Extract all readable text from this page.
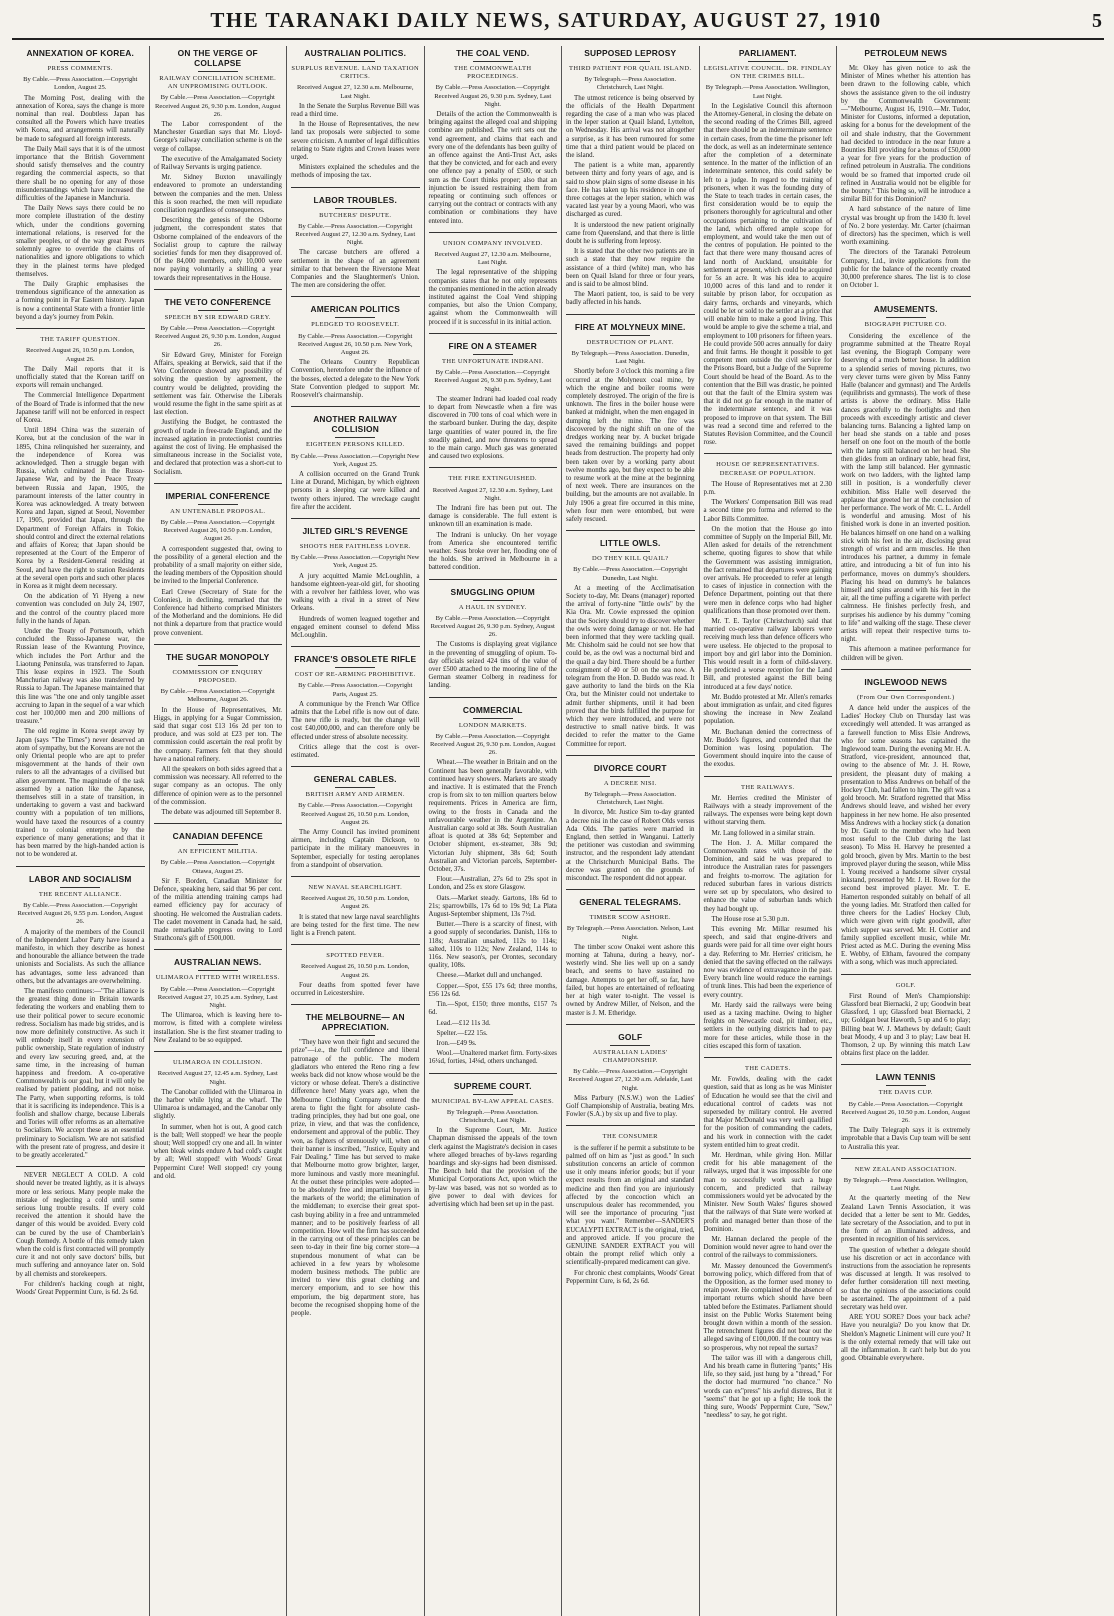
THE TARANAKI DAILY NEWS, SATURDAY, AUGUST 27, 1910	5
ANNEXATION OF KOREA.
PRESS COMMENTS.
By Cable.—Press Association.—Copyright London, August 25.
The Morning Post, dealing with the annexation of Korea, says the change is more nominal than real. Doubtless Japan has consulted all the Powers which have treaties with Korea, and arrangements will naturally be made to safeguard all foreign interests.
The Daily Mail says that it is of the utmost importance that the British Government should satisfy themselves and the country regarding the commercial aspects, so that there shall be no opening for any of those misunderstandings which have increased the difficulties of the Japanese in Manchuria.
The Daily News says there could be no more complete illustration of the destiny which, under the conditions governing international relations, is reserved for the smaller peoples, or of the way great Powers solemnly agree to override the claims of nationalities and ignore obligations to which they in the plainest terms have pledged themselves.
The Daily Graphic emphasises the tremendous significance of the annexation as a forming point in Far Eastern history. Japan is now a continental State with a frontier little beyond a day's journey from Pekin.
THE TARIFF QUESTION.
Received August 26, 10.50 p.m. London, August 26.
The Daily Mail reports that it is unofficially stated that the Korean tariff on exports will remain unchanged.
The Commercial Intelligence Department of the Board of Trade is informed that the new Japanese tariff will not be enforced in respect of Korea.
Until 1894 China was the suzerain of Korea, but at the conclusion of the war in 1895, China relinquished her suzerainty, and the independence of Korea was acknowledged. Then a struggle began with Russia, which culminated in the Russo-Japanese War, and by the Peace Treaty between Russia and Japan, 1905, the paramount interests of the latter country in Korea was acknowledged. A treaty between Korea and Japan, signed at Seoul, November 17, 1905, provided that Japan, through the Department of Foreign Affairs in Tokio, should control and direct the external relations and affairs of Korea; that Japan should be represented at the Court of the Emperor of Korea by a Resident-General residing at Seoul, and have the right to station Residents at the several open ports and such other places in Korea as it might deem necessary.
On the abdication of Yi Hyeng a new convention was concluded on July 24, 1907, and the control of the country placed more fully in the hands of Japan.
Under the Treaty of Portsmouth, which concluded the Russo-Japanese war, the Russian lease of the Kwantung Province, which includes the Port Arthur and the Liaotung Peninsula, was transferred to Japan. This lease expires in 1923. The South Manchurian railway was also transferred by Russia to Japan. The Japanese maintained that this line was "the one and only tangible asset accruing to Japan in the sequel of a war which cost her 100,000 men and 200 millions of treasure."
The old regime in Korea swept away by Japan (says "The Times") never deserved an atom of sympathy, but the Koreans are not the only Oriental people who are apt to prefer misgovernment at the hands of their own rulers to all the advantages of a civilised but alien government. The magnitude of the task assumed by a nation like the Japanese, themselves still in a state of transition, in undertaking to govern a vast and backward country with a population of ten millions, would have taxed the resources of a country trained to colonial enterprise by the experience of many generations; and that it has been marred by the high-handed action is not to be wondered at.
LABOR AND SOCIALISM
THE RECENT ALLIANCE.
By Cable.—Press Association.—Copyright Received August 26, 9.55 p.m. London, August 26.
A majority of the members of the Council of the Independent Labor Party have issued a manifesto, in which they describe as honest and honourable the alliance between the trade unionists and Socialists. As such the alliance has advantages, some less advanced than others, but the advantages are overwhelming.
The manifesto continues:—"The alliance is the greatest thing done in Britain towards federating the workers and enabling them to use their political power to secure economic redress. Socialism has made big strides, and is now more definitely constructive. As such it will embody itself in every extension of public ownership, State regulation of industry and every law securing greed, and, at the same time, in the increasing of human happiness and freedom. A co-operative Commonwealth is our goal, but it will only be realised by patient plodding, and not noise. The Party, when supporting reforms, is told that it is sacrificing its independence. This is a foolish and shallow charge, because Liberals and Tories will offer reforms as an alternative to Socialism. We accept these as an essential preliminary to Socialism. We are not satisfied with the present rate of progress, and desire it to be greatly accelerated."
NEVER NEGLECT A COLD. A cold should never be treated lightly, as it is always more or less serious. Many people make the mistake of neglecting a cold until some serious lung trouble results. If every cold received the attention it should have the danger of this would be avoided. Every cold can be cured by the use of Chamberlain's Cough Remedy. A bottle of this remedy taken when the cold is first contracted will promptly cure it and not only save doctors' bills, but much suffering and annoyance later on. Sold by all chemists and storekeepers.
For children's hacking cough at night, Woods' Great Peppermint Cure, is 6d. 2s 6d.
ON THE VERGE OF COLLAPSE
RAILWAY CONCILIATION SCHEME. AN UNPROMISING OUTLOOK.
By Cable.—Press Association.—Copyright Received August 26, 9.30 p.m. London, August 26.
The Labor correspondent of the Manchester Guardian says that Mr. Lloyd-George's railway conciliation scheme is on the verge of collapse.
The executive of the Amalgamated Society of Railway Servants is urging patience.
Mr. Sidney Buxton unavailingly endeavored to promote an understanding between the companies and the men. Unless this is soon reached, the men will repudiate conciliation regardless of consequences.
Describing the genesis of the Osborne judgment, the correspondent states that Osborne complained of the endeavors of the Socialist group to capture the railway societies' funds for men they disapproved of. Of the 84,000 members, only 10,000 were now paying voluntarily a shilling a year towards their representatives in the House.
THE VETO CONFERENCE
SPEECH BY SIR EDWARD GREY.
By Cable.—Press Association.—Copyright Received August 26, 9.30 p.m. London, August 26.
Sir Edward Grey, Minister for Foreign Affairs, speaking at Berwick, said that if the Veto Conference showed any possibility of solving the question by agreement, the country would be delighted, providing the settlement was fair. Otherwise the Liberals would resume the fight in the same spirit as at last election.
Justifying the Budget, he contrasted the growth of trade in free-trade England, and the increased agitation in protectionist countries against the cost of living. He emphasised the simultaneous increase in the Socialist vote, and declared that protection was a short-cut to Socialism.
IMPERIAL CONFERENCE
AN UNTENABLE PROPOSAL.
By Cable.—Press Association.—Copyright Received August 26, 10.50 p.m. London, August 26.
A correspondent suggested that, owing to the possibility of a general election and the probability of a small majority on either side, the leading members of the Opposition should be invited to the Imperial Conference.
Earl Crewe (Secretary of State for the Colonies), in declining, remarked that the Conference had hitherto comprised Ministers of the Motherland and the dominions. He did not think a departure from that practice would prove convenient.
THE SUGAR MONOPOLY
COMMISSION OF ENQUIRY PROPOSED.
By Cable.—Press Association.—Copyright Melbourne, August 26.
In the House of Representatives, Mr. Higgs, in applying for a Sugar Commission, said that sugar cost £13 16s 2d per ton to produce, and was sold at £23 per ton. The commission could ascertain the real profit by the company. Farmers felt that they should have a national refinery.
All the speakers on both sides agreed that a commission was necessary. All referred to the sugar company as an octopus. The only difference of opinion were as to the personnel of the commission.
The debate was adjourned till September 8.
CANADIAN DEFENCE
AN EFFICIENT MILITIA.
By Cable.—Press Association.—Copyright Ottawa, August 25.
Sir F. Borden, Canadian Minister for Defence, speaking here, said that 96 per cent. of the militia attending training camps had earned efficiency pay for accuracy of shooting. He welcomed the Australian cadets. The cadet movement in Canada had, he said, made remarkable progress owing to Lord Strathcona's gift of £500,000.
AUSTRALIAN NEWS.
ULIMAROA FITTED WITH WIRELESS.
By Cable.—Press Association.—Copyright Received August 27, 10.25 a.m. Sydney, Last Night.
The Ulimaroa, which is leaving here to-morrow, is fitted with a complete wireless installation. She is the first steamer trading to New Zealand to be so equipped.
ULIMAROA IN COLLISION.
Received August 27, 12.45 a.m. Sydney, Last Night.
The Canobar collided with the Ulimaroa in the harbor while lying at the wharf. The Ulimaroa is undamaged, and the Canobar only slightly.
In summer, when hot is out, A good catch is the ball; Well stopped! we hear the people shout; Well stopped! cry one and all. In winter when bleak winds endure A bad cold's caught by all; Well stopped! with Woods' Great Peppermint Cure! Well stopped! cry young and old.
AUSTRALIAN POLITICS.
SURPLUS REVENUE. LAND TAXATION CRITICS.
Received August 27, 12.30 a.m. Melbourne, Last Night.
In the Senate the Surplus Revenue Bill was read a third time.
In the House of Representatives, the new land tax proposals were subjected to some severe criticism. A number of legal difficulties relating to State rights and Crown leases were urged.
Ministers explained the schedules and the methods of imposing the tax.
LABOR TROUBLES.
BUTCHERS' DISPUTE.
By Cable.—Press Association.—Copyright Received August 27, 12.30 a.m. Sydney, Last Night.
The carcase butchers are offered a settlement in the shape of an agreement similar to that between the Riverstone Meat Companies and the Slaughtermen's Union. The men are considering the offer.
AMERICAN POLITICS
PLEDGED TO ROOSEVELT.
By Cable.—Press Association.—Copyright Received August 26, 10.50 p.m. New York, August 26.
The Orleans Country Republican Convention, heretofore under the influence of the bosses, elected a delegate to the New York State Convention pledged to support Mr. Roosevelt's chairmanship.
ANOTHER RAILWAY COLLISION
EIGHTEEN PERSONS KILLED.
By Cable.—Press Association.—Copyright New York, August 25.
A collision occurred on the Grand Trunk Line at Durand, Michigan, by which eighteen persons in a sleeping car were killed and twenty others injured. The wreckage caught fire after the accident.
JILTED GIRL'S REVENGE
SHOOTS HER FAITHLESS LOVER.
By Cable.—Press Association.—Copyright New York, August 25.
A jury acquitted Mamie McLoughlin, a handsome eighteen-year-old girl, for shooting with a revolver her faithless lover, who was walking with a rival in a street of New Orleans.
Hundreds of women leagued together and engaged eminent counsel to defend Miss McLoughlin.
FRANCE'S OBSOLETE RIFLE
COST OF RE-ARMING PROHIBITIVE.
By Cable.—Press Association.—Copyright Paris, August 25.
A communique by the French War Office admits that the Lebel rifle is now out of date. The new rifle is ready, but the change will cost £40,000,000, and can therefore only be effected under stress of absolute necessity.
Critics allege that the cost is over-estimated.
GENERAL CABLES.
BRITISH ARMY AND AIRMEN.
By Cable.—Press Association.—Copyright Received August 26, 10.50 p.m. London, August 26.
The Army Council has invited prominent airmen, including Captain Dickson, to participate in the military manoeuvres in September, especially for testing aeroplanes from a standpoint of observation.
NEW NAVAL SEARCHLIGHT.
Received August 26, 10.50 p.m. London, August 26.
It is stated that new large naval searchlights are being tested for the first time. The new light is a French patent.
SPOTTED FEVER.
Received August 26, 10.50 p.m. London, August 26.
Four deaths from spotted fever have occurred in Leicestershire.
THE MELBOURNE— AN APPRECIATION.
"They have won their fight and secured the prize"—i.e., the full confidence and liberal patronage of the public. The modern gladiators who entered the Reno ring a few weeks back did not know whose would be the victory or whose defeat. There's a distinctive difference here! Many years ago, when the Melbourne Clothing Company entered the arena to fight the fight for absolute cash-trading principles, they had but one goal, one prize, in view, and that was the confidence, endorsement and approval of the public. They won, as fighters of strenuously will, when on their banner is inscribed, "Justice, Equity and Fair Dealing." Time has but served to make that Melbourne motto grow brighter, larger, more luminous and vastly more meaningful. At the outset these principles were adopted—to be absolutely free and impartial buyers in the markets of the world; the elimination of the middleman; to exercise their great spot-cash buying ability in a free and untrammeled manner; and to be positively fearless of all competition. How well the firm has succeeded in the carrying out of these principles can be seen to-day in their fine big corner store—a stupendous monument of what can be achieved in a few years by wholesome modern business methods. The public are invited to view this great clothing and mercery emporium, and to see how this emporium, the big department store, has become the recognised shopping home of the people.
THE COAL VEND.
THE COMMONWEALTH PROCEEDINGS.
By Cable.—Press Association.—Copyright Received August 26, 9.30 p.m. Sydney, Last Night.
Details of the action the Commonwealth is bringing against the alleged coal and shipping combine are published. The writ sets out the vend agreement, and claims that each and every one of the defendants has been guilty of an offence against the Anti-Trust Act, asks that they be convicted, and for each and every one offence pay a penalty of £500, or such sum as the Court thinks proper; also that an injunction be issued restraining them from repeating or continuing such offences or carrying out the contract or contracts with any combination or combinations they have entered into.
UNION COMPANY INVOLVED.
Received August 27, 12.30 a.m. Melbourne, Last Night.
The legal representative of the shipping companies states that he not only represents the companies mentioned in the action already instituted against the Coal Vend shipping companies, but also the Union Company, against whom the Commonwealth will proceed if it is successful in its initial action.
FIRE ON A STEAMER
THE UNFORTUNATE INDRANI.
By Cable.—Press Association.—Copyright Received August 26, 9.30 p.m. Sydney, Last Night.
The steamer Indrani had loaded coal ready to depart from Newcastle when a fire was discovered in 700 tons of coal which were in the starboard bunker. During the day, despite large quantities of water poured in, the fire steadily gained, and now threatens to spread to the main cargo. Much gas was generated and caused two explosions.
THE FIRE EXTINGUISHED.
Received August 27, 12.30 a.m. Sydney, Last Night.
The Indrani fire has been put out. The damage is considerable. The full extent is unknown till an examination is made.
The Indrani is unlucky. On her voyage from America she encountered terrific weather. Seas broke over her, flooding one of the holds. She arrived in Melbourne in a battered condition.
SMUGGLING OPIUM
A HAUL IN SYDNEY.
By Cable.—Press Association.—Copyright Received August 26, 9.30 p.m. Sydney, August 26.
The Customs is displaying great vigilance in the preventing of smuggling of opium. To-day officials seized 424 tins of the value of over £500 attached to the mooring line of the German steamer Colberg in readiness for landing.
COMMERCIAL
LONDON MARKETS.
By Cable.—Press Association.—Copyright Received August 26, 9.30 p.m. London, August 26.
Wheat.—The weather in Britain and on the Continent has been generally favorable, with continued heavy showers. Markets are steady and inactive. It is estimated that the French crop is from six to ten million quarters below requirements. Prices in America are firm, owing to the frosts in Canada and the unfavourable weather in the Argentine. An Australian cargo sold at 38s. South Australian afloat is quoted at 38s 6d; September and October shipment, ex-steamer, 38s 9d; Victorian July shipment, 38s 6d; South Australian and Victorian parcels, September-October, 37s.
Flour.—Australian, 27s 6d to 29s spot in London, and 25s ex store Glasgow.
Oats.—Market steady. Gartons, 18s 6d to 21s; sparrowbills, 17s 6d to 19s 9d; La Plata August-September shipment, 13s 7½d.
Butter.—There is a scarcity of finest, with a good supply of secondaries. Danish, 116s to 118s; Australian unsalted, 112s to 114s; salted, 110s to 112s; New Zealand, 114s to 116s. New season's, per Orontes, secondary quality, 108s.
Cheese.—Market dull and unchanged.
Copper.—Spot, £55 17s 6d; three months, £56 12s 6d.
Tin.—Spot, £150; three months, £157 7s 6d.
Lead.—£12 11s 3d.
Spelter.—£22 15s.
Iron.—£49 9s.
Wool.—Unaltered market firm. Forty-sixes 16¼d, forties, 14⅛d, others unchanged.
SUPREME COURT.
MUNICIPAL BY-LAW APPEAL CASES.
By Telegraph.—Press Association. Christchurch, Last Night.
In the Supreme Court, Mr. Justice Chapman dismissed the appeals of the town clerk against the Magistrate's decision in cases where alleged breaches of by-laws regarding hoardings and sky-signs had been dismissed. The Bench held that the provision of the Municipal Corporations Act, upon which the by-law was based, was not so worded as to give power to deal with devices for advertising which had been set up in the past.
SUPPOSED LEPROSY
THIRD PATIENT FOR QUAIL ISLAND.
By Telegraph.—Press Association. Christchurch, Last Night.
The utmost reticence is being observed by the officials of the Health Department regarding the case of a man who was placed in the leper station at Quail Island, Lyttelton, on Wednesday. His arrival was not altogether a surprise, as it has been rumoured for some time that a third patient would be placed on the island.
The patient is a white man, apparently between thirty and forty years of age, and is said to show plain signs of some disease in his face. He has taken up his residence in one of three cottages at the leper station, which was vacated last year by a young Maori, who was discharged as cured.
It is understood the new patient originally came from Queensland, and that there is little doubt he is suffering from leprosy.
It is stated that the other two patients are in such a state that they now require the assistance of a third (white) man, who has been on Quail Island for three or four years, and is said to be almost blind.
The Maori patient, too, is said to be very badly affected in his hands.
FIRE AT MOLYNEUX MINE.
DESTRUCTION OF PLANT.
By Telegraph.—Press Association. Dunedin, Last Night.
Shortly before 3 o'clock this morning a fire occurred at the Molyneux coal mine, by which the engine and boiler rooms were completely destroyed. The origin of the fire is unknown. The fires in the boiler house were banked at midnight, when the men engaged in dumping left the mine. The fire was discovered by the night shift on one of the dredges working near by. A bucket brigade saved the remaining buildings and poppet heads from destruction. The property had only been taken over by a working party about twelve months ago, but they expect to be able to resume work at the mine at the beginning of next week. There are insurances on the building, but the amounts are not available. In July 1906 a great fire occurred in this mine, when four men were entombed, but were safely rescued.
LITTLE OWLS.
DO THEY KILL QUAIL?
By Cable.—Press Association.—Copyright Dunedin, Last Night.
At a meeting of the Acclimatisation Society to-day, Mr. Deans (manager) reported the arrival of forty-nine "little owls" by the Kia Ora. Mr. Cowie expressed the opinion that the Society should try to discover whether the owls were doing damage or not. He had been informed that they were tackling quail. Mr. Chisholm said he could not see how that could be, as the owl was a nocturnal bird and the quail a day bird. There should be a further consignment of 40 or 50 on the sea now. A telegram from the Hon. D. Buddo was read. It gave authority to land the birds on the Kia Ora, but the Minister could not undertake to admit further shipments, until it had been proved that the birds fulfilled the purpose for which they were introduced, and were not destructive to small native birds. It was decided to refer the matter to the Game Committee for report.
DIVORCE COURT
A DECREE NISI.
By Telegraph.—Press Association. Christchurch, Last Night.
In divorce, Mr. Justice Sim to-day granted a decree nisi in the case of Robert Olds versus Ada Olds. The parties were married in England, then settled in Wanganui. Latterly the petitioner was custodian and swimming instructor, and the respondent lady attendant at the Christchurch Municipal Baths. The decree was granted on the grounds of misconduct. The respondent did not appear.
GENERAL TELEGRAMS.
TIMBER SCOW ASHORE.
By Telegraph.—Press Association. Nelson, Last Night.
The timber scow Onakei went ashore this morning at Tahuna, during a heavy, nor'-westerly wind. She lies well up on a sandy beach, and seems to have sustained no damage. Attempts to get her off, so far, have failed, but hopes are entertained of refloating her at high water to-night. The vessel is owned by Andrew Miller, of Nelson, and the master is J. M. Etheridge.
GOLF
AUSTRALIAN LADIES' CHAMPIONSHIP.
By Cable.—Press Association.—Copyright Received August 27, 12.30 a.m. Adelaide, Last Night.
Miss Parbury (N.S.W.) won the Ladies' Golf Championship of Australia, beating Mrs. Fowler (S.A.) by six up and five to play.
THE CONSUMER
is the sufferer if he permit a substitute to be palmed off on him as "just as good." In such substitution concerns an article of common use it only means inferior goods; but if your expect results from an original and standard medicine and then find you are injuriously affected by the concoction which an unscrupulous dealer has recommended, you will see the importance of procuring "just what you want." Remember—SANDER'S EUCALYPTI EXTRACT is the original, tried, and approved article. If you procure the GENUINE SANDER EXTRACT you will obtain the prompt relief which only a scientifically-prepared medicament can give.
For chronic chest complaints, Woods' Great Peppermint Cure, is 6d, 2s 6d.
PARLIAMENT.
LEGISLATIVE COUNCIL. DR. FINDLAY ON THE CRIMES BILL.
By Telegraph.—Press Association. Wellington, Last Night.
In the Legislative Council this afternoon the Attorney-General, in closing the debate on the second reading of the Crimes Bill, agreed that there should be an indeterminate sentence in certain cases, from the time the prisoner left the dock, as well as an indeterminate sentence after the completion of a determinate sentence. In the matter of the infliction of an indeterminate sentence, this could safely be left to a judge. In regard to the training of prisoners, when it was the founding duty of the State to teach trades in certain cases, the first consideration would be to equip the prisoners thoroughly for agricultural and other occupations pertaining to the cultivation of the land, which offered ample scope for employment, and would take the men out of the centres of population. He pointed to the fact that there were many thousand acres of land north of Auckland, unsuitable for settlement at present, which could be acquired for 5s an acre. It was his idea to acquire 10,000 acres of this land and to render it suitable by prison labor, for occupation as dairy farms, orchards and vineyards, which could be let or sold to the settler at a price that will enable him to make a good living. This would be ample to give the scheme a trial, and employment to 100 prisoners for fifteen years. He could provide 500 acres annually for dairy and fruit farms. He thought it possible to get competent men outside the civil service for the Prisons Board, but a Judge of the Supreme Court should be head of the Board. As to the contention that the Bill was drastic, he pointed out that the fault of the Elmira system was that it did not go far enough in the matter of the indeterminate sentence, and it was proposed to improve on that system. The Bill was read a second time and referred to the Statutes Revision Committee, and the Council rose.
HOUSE OF REPRESENTATIVES. DECREASE OF POPULATION.
The House of Representatives met at 2.30 p.m.
The Workers' Compensation Bill was read a second time pro forma and referred to the Labor Bills Committee.
On the motion that the House go into committee of Supply on the Imperial Bill, Mr. Allen asked for details of the retrenchment scheme, quoting figures to show that while the Government was assisting immigration, the fact remained that departures were gaining over arrivals. He proceeded to refer at length to cases of injustice in connection with the Defence Department, pointing out that there were men in defence corps who had higher qualifications than those promoted over them.
Mr. T. E. Taylor (Christchurch) said that married co-operative railway laborers were receiving much less than defence officers who were useless. He objected to the proposal to import boy and girl labor into the Dominion. This would result in a form of child-slavery. He predicted a worse reception for the Land Bill, and protested against the Bill being introduced at a few days' notice.
Mr. Buddo protested at Mr. Allen's remarks about immigration as unfair, and cited figures showing the increase in New Zealand population.
Mr. Buchanan denied the correctness of Mr. Buddo's figures, and contended that the Dominion was losing population. The Government should inquire into the cause of the exodus.
THE RAILWAYS.
Mr. Herries credited the Minister of Railways with a steady improvement of the railways. The expenses were being kept down without starving them.
Mr. Lang followed in a similar strain.
The Hon. J. A. Millar compared the Commonwealth rates with those of the Dominion, and said he was prepared to introduce the Australian rates for passengers and freights to-morrow. The agitation for reduced suburban fares in various districts were set up by speculators, who desired to enhance the value of suburban lands which they had bought up.
The House rose at 5.30 p.m.
This evening Mr. Millar resumed his speech, and said that engine-drivers and guards were paid for all time over eight hours a day. Referring to Mr. Herries' criticism, he denied that the saving effected on the railways now was evidence of extravagance in the past. Every branch line would reduce the earnings of trunk lines. This had been the experience of every country.
Mr. Hardy said the railways were being used as a taxing machine. Owing to higher freights on Newcastle coal, pit timber, etc., settlers in the outlying districts had to pay more for these articles, while those in the cities escaped this form of taxation.
THE CADETS.
Mr. Fowlds, dealing with the cadet question, said that as long as he was Minister of Education he would see that the civil and educational control of cadets was not superseded by military control. He averred that Major McDonald was very well qualified for the position of commanding the cadets, and his work in connection with the cadet system entitled him to great credit.
Mr. Herdman, while giving Hon. Millar credit for his able management of the railways, urged that it was impossible for one man to successfully work such a huge concern, and predicted that railway commissioners would yet be advocated by the Minister. New South Wales' figures showed that the railways of that State were worked at profit and managed better than those of the Dominion.
Mr. Hannan declared the people of the Dominion would never agree to hand over the control of the railways to commissioners.
Mr. Massey denounced the Government's borrowing policy, which differed from that of the Opposition, as the former used money to retain power. He complained of the absence of important returns which should have been tabled before the Estimates. Parliament should insist on the Public Works Statement being brought down within a month of the session. The retrenchment figures did not bear out the alleged saving of £100,000. If the country was so prosperous, why not repeal the surtax?
The tailor was ill with a dangerous chill, And his breath came in fluttering "pants;" His life, so they said, just hung by a "thread," For the doctor had murmured "no chance." No words can ex"press" his awful distress, But it "seems" that he got up a fight; He took the thing sure, Woods' Peppermint Cure, "Sew," "needless" to say, he got right.
PETROLEUM NEWS
Mr. Okey has given notice to ask the Minister of Mines whether his attention has been drawn to the following cable, which shows the assistance given to the oil industry by the Commonwealth Government:—"Melbourne, August 16, 1910.—Mr. Tudor, Minister for Customs, informed a deputation, asking for a bonus for the development of the oil and shale industry, that the Government had decided to introduce in the near future a Bounties Bill providing for a bonus of £50,000 a year for five years for the production of refined petroleum in Australia. The conditions would be so framed that imported crude oil refined in Australia would not be eligible for the bounty." This being so, will he introduce a similar Bill for this Dominion?
A hard substance of the nature of lime crystal was brought up from the 1430 ft. level of No. 2 bore yesterday. Mr. Carter (chairman of directors) has the specimen, which is well worth examining.
The directors of the Taranaki Petroleum Company, Ltd., invite applications from the public for the balance of the recently created 30,000 preference shares. The list is to close on October 1.
AMUSEMENTS.
BIOGRAPH PICTURE CO.
Considering the excellence of the programme submitted at the Theatre Royal last evening, the Biograph Company were deserving of a much better house. In addition to a splendid series of moving pictures, two very clever turns were given by Miss Fanny Halle (balancer and gymnast) and The Ardells (equilibrists and gymnasts). The work of these artists is above the ordinary. Miss Halle dances gracefully to the footlights and then proceeds with exceedingly artistic and clever balancing turns. Balancing a lighted lamp on her head she stands on a table and poses herself on one foot on the mouth of the bottle with the lamp still balanced on her head. She then glides from an ordinary table, head first, with the lamp still balanced. Her gymnastic work on two ladders, with the lighted lamp still in position, is a wonderfully clever exhibition. Miss Halle well deserved the applause that greeted her at the conclusion of her performance. The work of Mr. C. L. Ardell is wonderful and amusing. Most of his finished work is done in an inverted position. He balances himself on one hand on a walking stick with his feet in the air, disclosing great strength of wrist and arm muscles. He then introduces his partner, a dummy in female attire, and introducing a bit of fun into his performance, moves on dummy's shoulders. Placing his head on dummy's he balances himself and spins around with his feet in the air, all the time puffing a cigarette with perfect calmness. He finishes perfectly fresh, and surprises his audience by his dummy "coming to life" and walking off the stage. These clever artists will repeat their respective turns to-night.
This afternoon a matinee performance for children will be given.
INGLEWOOD NEWS
(From Our Own Correspondent.)
A dance held under the auspices of the Ladies' Hockey Club on Thursday last was exceedingly well attended. It was arranged as a farewell function to Miss Elsie Andrews, who for some seasons has captained the Inglewood team. During the evening Mr. H. A. Stratford, vice-president, announced that, owing to the absence of Mr. J. H. Rowe, president, the pleasant duty of making a presentation to Miss Andrews on behalf of the Hockey Club, had fallen to him. The gift was a gold brooch. Mr. Stratford regretted that Miss Andrews should leave, and wished her every happiness in her new home. He also presented Miss Andrews with a hockey stick (a donation by Dr. Gault to the member who had been most useful to the Club during the last season). To Miss H. Harvey he presented a gold brooch, given by Mrs. Martin to the best improved player during the season, while Miss I. Young received a handsome silver crystal inkstand, presented by Mr. J. H. Rowe for the second best improved player. Mr. T. E. Hamerton responded suitably on behalf of all the young ladies. Mr. Stratford then called for three cheers for the Ladies' Hockey Club, which were given with right goodwill, after which supper was served. Mr. H. Cottier and family supplied excellent music, while Mr. Priest acted as M.C. During the evening Miss E. Webby, of Eltham, favoured the company with a song, which was much appreciated.
GOLF.
First Round of Men's Championship: Glassford beat Biernacki, 2 up; Goodwin beat Glassford, 1 up; Glassford beat Biernacki, 2 up; Goldgan beat Haworth, 5 up and 6 to play; Billing beat W. J. Mathews by default; Gault beat Moody, 4 up and 3 to play; Law beat H. Thomson, 2 up. By winning this match Law obtains first place on the ladder.
LAWN TENNIS
THE DAVIS CUP.
By Cable.—Press Association.—Copyright Received August 26, 10.50 p.m. London, August 26.
The Daily Telegraph says it is extremely improbable that a Davis Cup team will be sent to Australia this year.
NEW ZEALAND ASSOCIATION.
By Telegraph.—Press Association. Wellington, Last Night.
At the quarterly meeting of the New Zealand Lawn Tennis Association, it was decided that a letter be sent to Mr. Geddes, late secretary of the Association, and to put in the form of an illuminated address, and presented in recognition of his services.
The question of whether a delegate should use his discretion or act in accordance with instructions from the association he represents was discussed at length. It was resolved to defer further consideration till next meeting, so that the opinions of the associations could be ascertained. The appointment of a paid secretary was held over.
ARE YOU SORE? Does your back ache? Have you neuralgia? Do you know that Dr. Sheldon's Magnetic Liniment will cure you? It is the only external remedy that will take out all the inflammation. It can't help but do you good. Obtainable everywhere.
